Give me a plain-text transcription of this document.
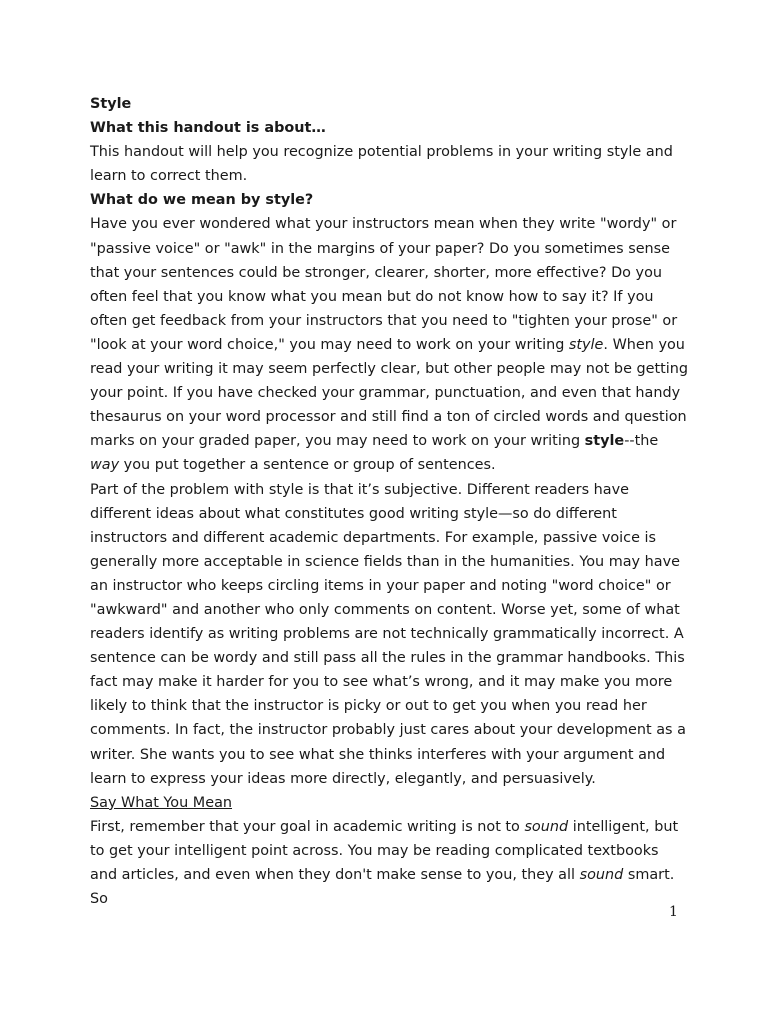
Style

What this handout is about…

This handout will help you recognize potential problems in your writing style and learn to correct them.

What do we mean by style?

Have you ever wondered what your instructors mean when they write "wordy" or "passive voice" or "awk" in the margins of your paper? Do you sometimes sense that your sentences could be stronger, clearer, shorter, more effective? Do you often feel that you know what you mean but do not know how to say it? If you often get feedback from your instructors that you need to "tighten your prose" or "look at your word choice," you may need to work on your writing style. When you read your writing it may seem perfectly clear, but other people may not be getting your point. If you have checked your grammar, punctuation, and even that handy thesaurus on your word processor and still find a ton of circled words and question marks on your graded paper, you may need to work on your writing style--the way you put together a sentence or group of sentences.

Part of the problem with style is that it’s subjective. Different readers have different ideas about what constitutes good writing style—so do different instructors and different academic departments. For example, passive voice is generally more acceptable in science fields than in the humanities. You may have an instructor who keeps circling items in your paper and noting "word choice" or "awkward" and another who only comments on content. Worse yet, some of what readers identify as writing problems are not technically grammatically incorrect. A sentence can be wordy and still pass all the rules in the grammar handbooks. This fact may make it harder for you to see what’s wrong, and it may make you more likely to think that the instructor is picky or out to get you when you read her comments. In fact, the instructor probably just cares about your development as a writer. She wants you to see what she thinks interferes with your argument and learn to express your ideas more directly, elegantly, and persuasively.

Say What You Mean

First, remember that your goal in academic writing is not to sound intelligent, but to get your intelligent point across. You may be reading complicated textbooks and articles, and even when they don't make sense to you, they all sound smart. So

1
